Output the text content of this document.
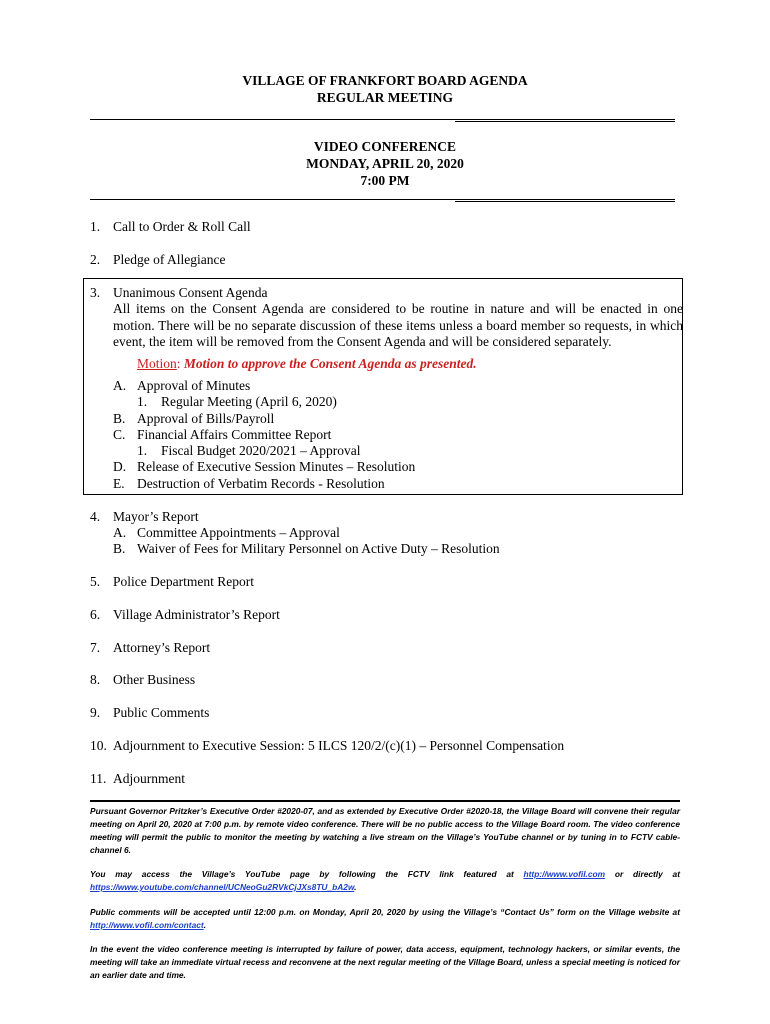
VILLAGE OF FRANKFORT BOARD AGENDA
REGULAR MEETING
VIDEO CONFERENCE
MONDAY, APRIL 20, 2020
7:00 PM
1. Call to Order & Roll Call
2. Pledge of Allegiance
3. Unanimous Consent Agenda
All items on the Consent Agenda are considered to be routine in nature and will be enacted in one motion. There will be no separate discussion of these items unless a board member so requests, in which event, the item will be removed from the Consent Agenda and will be considered separately.
Motion: Motion to approve the Consent Agenda as presented.
A. Approval of Minutes
1. Regular Meeting (April 6, 2020)
B. Approval of Bills/Payroll
C. Financial Affairs Committee Report
1. Fiscal Budget 2020/2021 – Approval
D. Release of Executive Session Minutes – Resolution
E. Destruction of Verbatim Records - Resolution
4. Mayor’s Report
A. Committee Appointments – Approval
B. Waiver of Fees for Military Personnel on Active Duty – Resolution
5. Police Department Report
6. Village Administrator’s Report
7. Attorney’s Report
8. Other Business
9. Public Comments
10. Adjournment to Executive Session: 5 ILCS 120/2/(c)(1) – Personnel Compensation
11. Adjournment
Pursuant Governor Pritzker’s Executive Order #2020-07, and as extended by Executive Order #2020-18, the Village Board will convene their regular meeting on April 20, 2020 at 7:00 p.m. by remote video conference. There will be no public access to the Village Board room. The video conference meeting will permit the public to monitor the meeting by watching a live stream on the Village’s YouTube channel or by tuning in to FCTV cable-channel 6.
You may access the Village’s YouTube page by following the FCTV link featured at http://www.vofil.com or directly at https://www.youtube.com/channel/UCNeoGu2RVkCjJXs8TU_bA2w.
Public comments will be accepted until 12:00 p.m. on Monday, April 20, 2020 by using the Village’s “Contact Us” form on the Village website at http://www.vofil.com/contact.
In the event the video conference meeting is interrupted by failure of power, data access, equipment, technology hackers, or similar events, the meeting will take an immediate virtual recess and reconvene at the next regular meeting of the Village Board, unless a special meeting is noticed for an earlier date and time.
